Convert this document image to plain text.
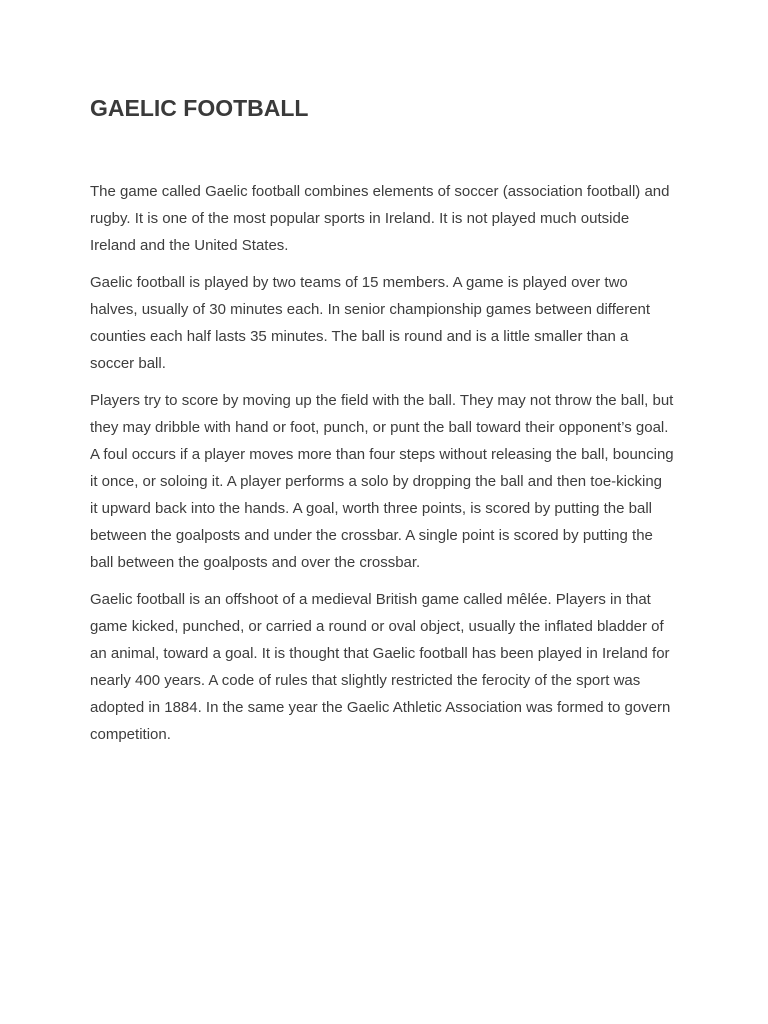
GAELIC FOOTBALL

The game called Gaelic football combines elements of soccer (association football) and
rugby. It is one of the most popular sports in Ireland. It is not played much outside
Ireland and the United States.

Gaelic football is played by two teams of 15 members. A game is played over two
halves, usually of 30 minutes each. In senior championship games between different
counties each half lasts 35 minutes. The ball is round and is a little smaller than a
soccer ball.

Players try to score by moving up the field with the ball. They may not throw the ball, but
they may dribble with hand or foot, punch, or punt the ball toward their opponent’s goal.
A foul occurs if a player moves more than four steps without releasing the ball, bouncing
it once, or soloing it. A player performs a solo by dropping the ball and then toe-kicking
it upward back into the hands. A goal, worth three points, is scored by putting the ball
between the goalposts and under the crossbar. A single point is scored by putting the
ball between the goalposts and over the crossbar.

Gaelic football is an offshoot of a medieval British game called mêlée. Players in that
game kicked, punched, or carried a round or oval object, usually the inflated bladder of
an animal, toward a goal. It is thought that Gaelic football has been played in Ireland for
nearly 400 years. A code of rules that slightly restricted the ferocity of the sport was
adopted in 1884. In the same year the Gaelic Athletic Association was formed to govern
competition.
